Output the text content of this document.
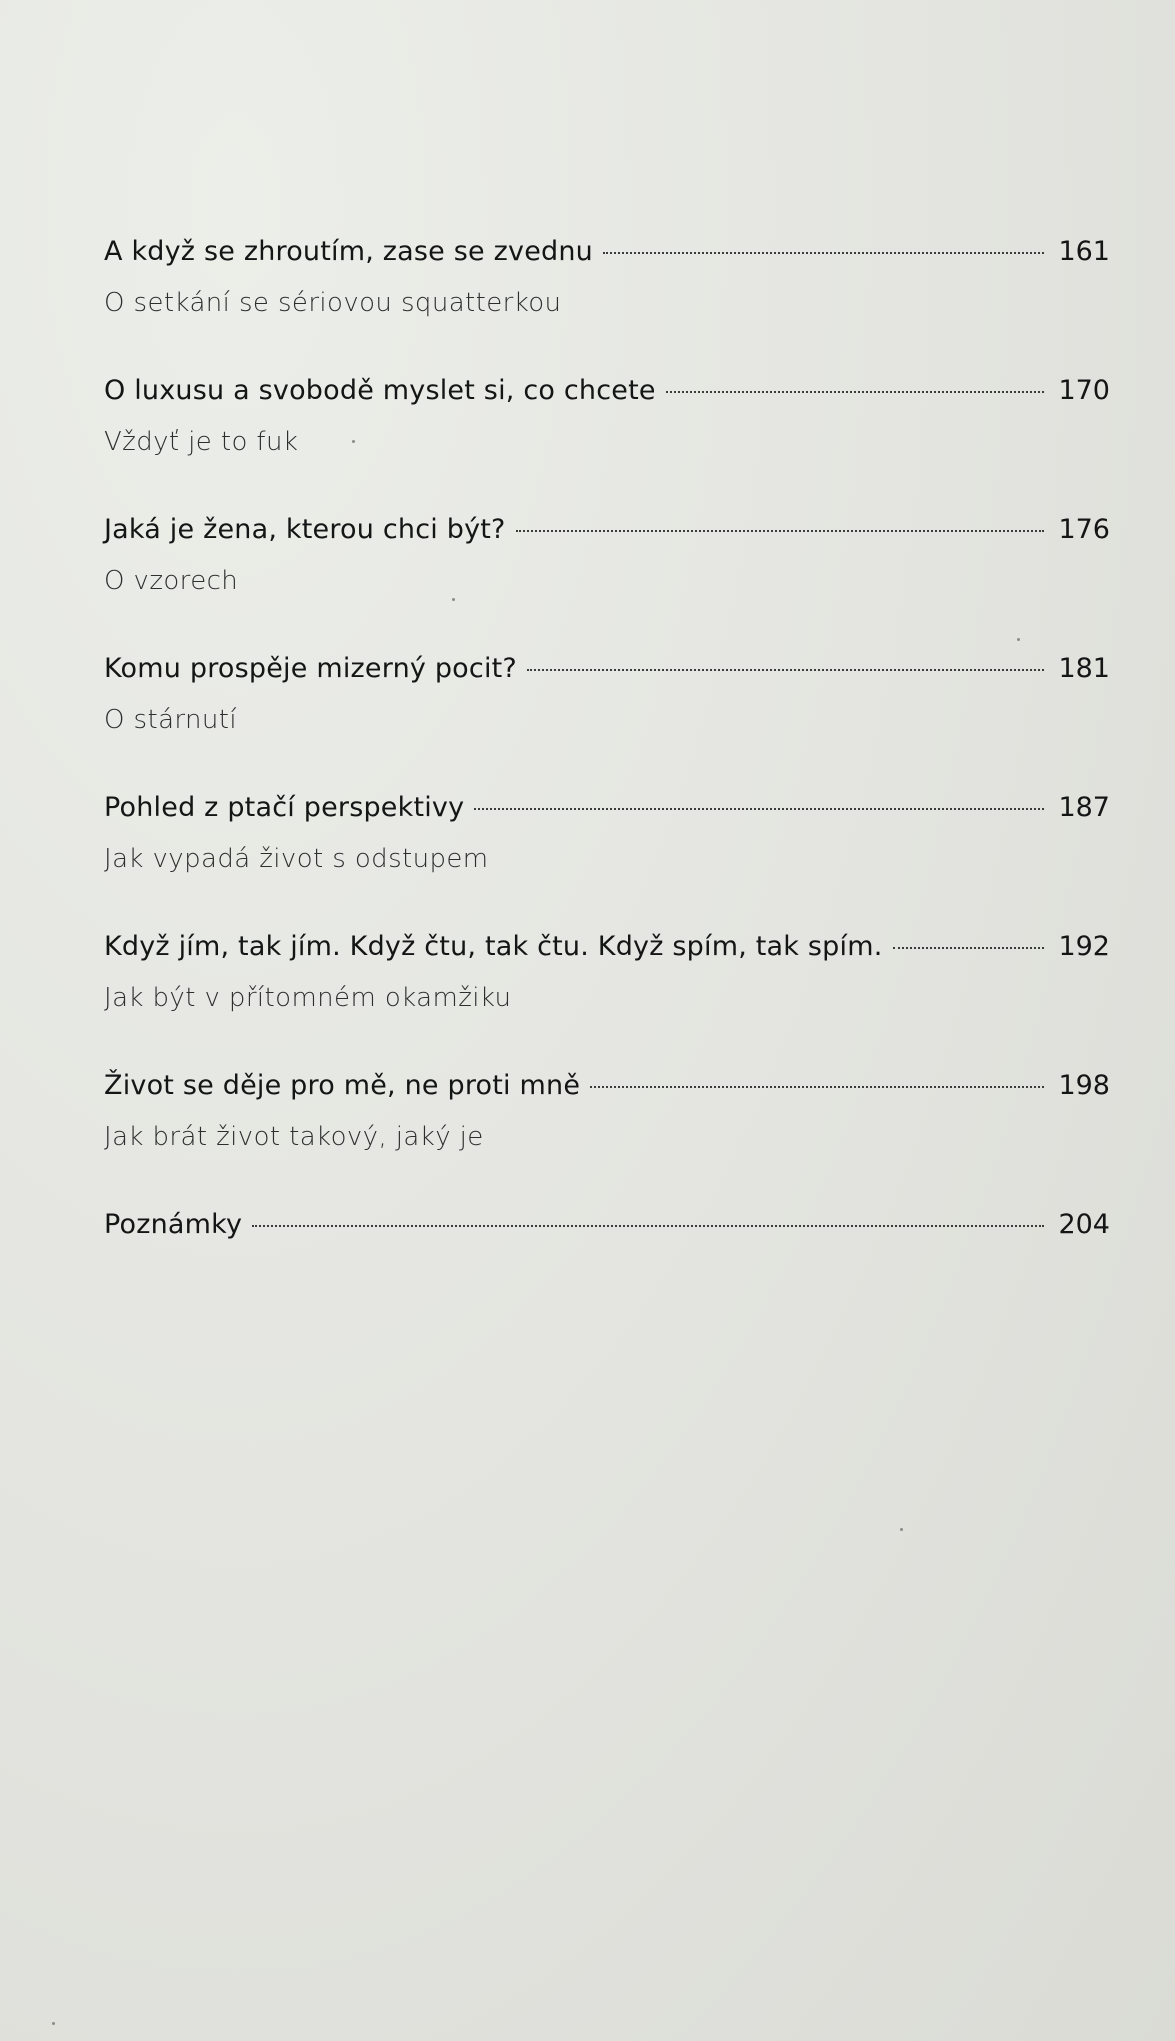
A když se zhroutím, zase se zvednu	161
O setkání se sériovou squatterkou
O luxusu a svobodě myslet si, co chcete	170
Vždyť je to fuk
Jaká je žena, kterou chci být?	176
O vzorech
Komu prospěje mizerný pocit?	181
O stárnutí
Pohled z ptačí perspektivy	187
Jak vypadá život s odstupem
Když jím, tak jím. Když čtu, tak čtu. Když spím, tak spím.	192
Jak být v přítomném okamžiku
Život se děje pro mě, ne proti mně	198
Jak brát život takový, jaký je
Poznámky	204
